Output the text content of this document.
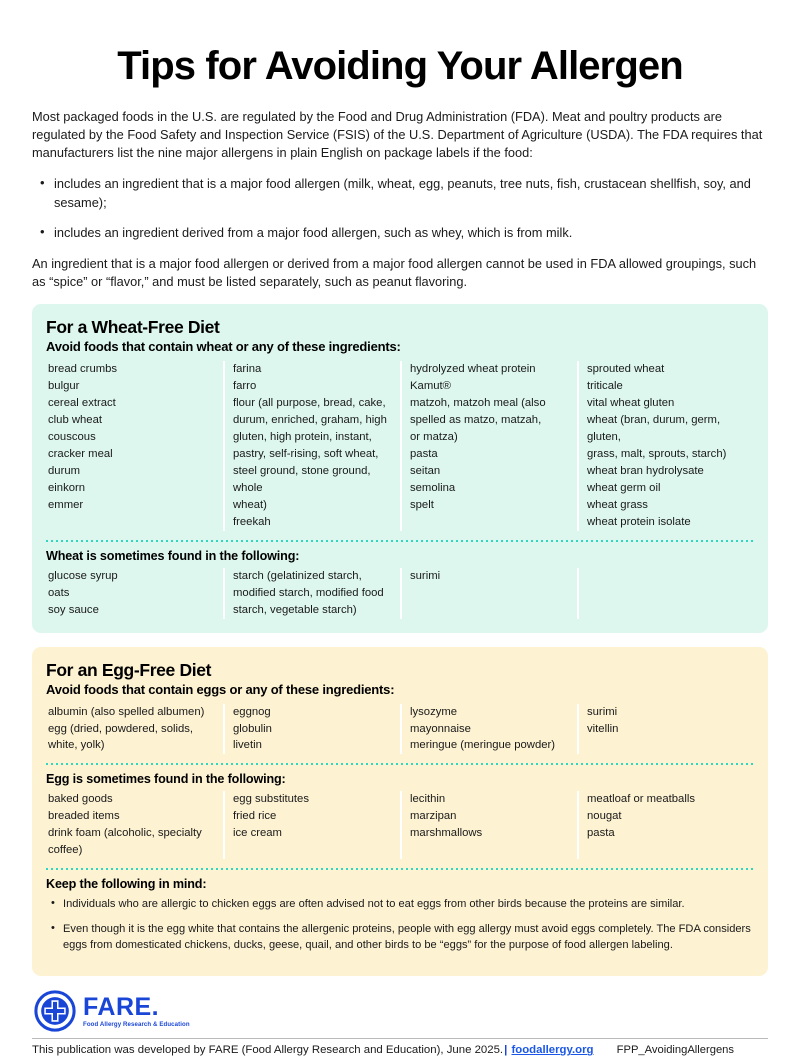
Tips for Avoiding Your Allergen

Most packaged foods in the U.S. are regulated by the Food and Drug Administration (FDA). Meat and poultry products are regulated by the Food Safety and Inspection Service (FSIS) of the U.S. Department of Agriculture (USDA). The FDA requires that manufacturers list the nine major allergens in plain English on package labels if the food:

• includes an ingredient that is a major food allergen (milk, wheat, egg, peanuts, tree nuts, fish, crustacean shellfish, soy, and sesame);
• includes an ingredient derived from a major food allergen, such as whey, which is from milk.

An ingredient that is a major food allergen or derived from a major food allergen cannot be used in FDA allowed groupings, such as “spice” or “flavor,” and must be listed separately, such as peanut flavoring.

For a Wheat-Free Diet
Avoid foods that contain wheat or any of these ingredients:
bread crumbs
bulgur
cereal extract
club wheat
couscous
cracker meal
durum
einkorn
emmer
farina
farro
flour (all purpose, bread, cake,
durum, enriched, graham, high
gluten, high protein, instant,
pastry, self-rising, soft wheat,
steel ground, stone ground, whole
wheat)
freekah
hydrolyzed wheat protein
Kamut®
matzoh, matzoh meal (also
spelled as matzo, matzah,
or matza)
pasta
seitan
semolina
spelt
sprouted wheat
triticale
vital wheat gluten
wheat (bran, durum, germ, gluten,
grass, malt, sprouts, starch)
wheat bran hydrolysate
wheat germ oil
wheat grass
wheat protein isolate
Wheat is sometimes found in the following:
glucose syrup
oats
soy sauce
starch (gelatinized starch,
modified starch, modified food
starch, vegetable starch)
surimi
For an Egg-Free Diet
Avoid foods that contain eggs or any of these ingredients:
albumin (also spelled albumen)
egg (dried, powdered, solids,
white, yolk)
eggnog
globulin
livetin
lysozyme
mayonnaise
meringue (meringue powder)
surimi
vitellin
Egg is sometimes found in the following:
baked goods
breaded items
drink foam (alcoholic, specialty
coffee)
egg substitutes
fried rice
ice cream
lecithin
marzipan
marshmallows
meatloaf or meatballs
nougat
pasta
Keep the following in mind:
• Individuals who are allergic to chicken eggs are often advised not to eat eggs from other birds because the proteins are similar.
• Even though it is the egg white that contains the allergenic proteins, people with egg allergy must avoid eggs completely. The FDA considers eggs from domesticated chickens, ducks, geese, quail, and other birds to be “eggs” for the purpose of food allergen labeling.
FARE.
Food Allergy Research & Education
This publication was developed by FARE (Food Allergy Research and Education), June 2025.| foodallergy.org	FPP_AvoidingAllergens
